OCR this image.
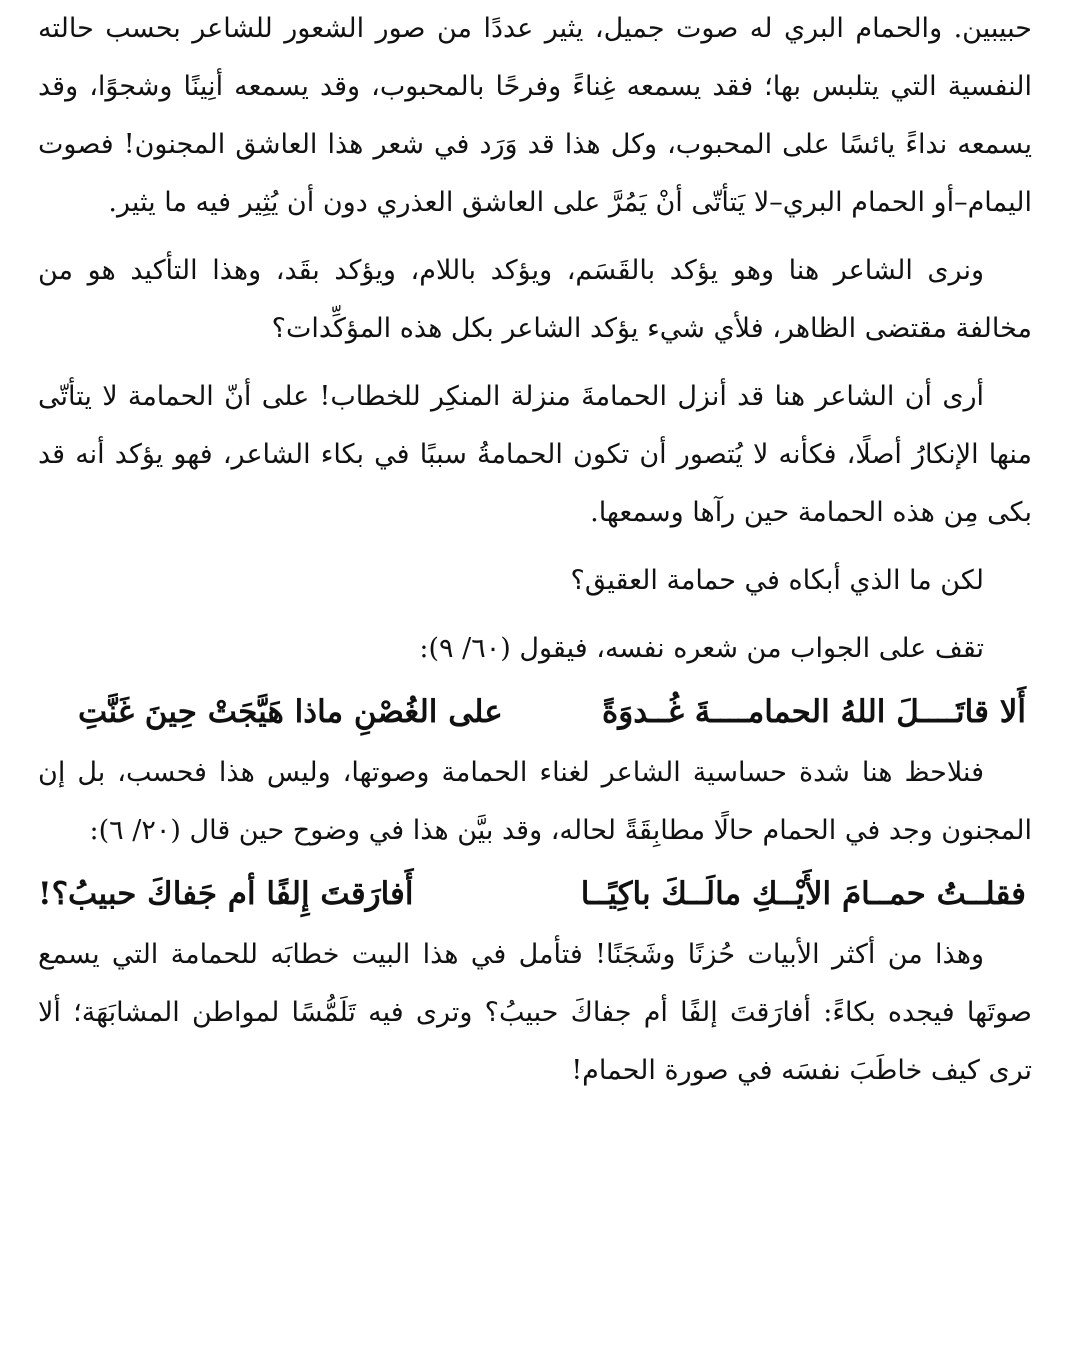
حبيبين. والحمام البري له صوت جميل، يثير عددًا من صور الشعور للشاعر بحسب حالته النفسية التي يتلبس بها؛ فقد يسمعه غِناءً وفرحًا بالمحبوب، وقد يسمعه أنِينًا وشجوًا، وقد يسمعه نداءً يائسًا على المحبوب، وكل هذا قد وَرَد في شعر هذا العاشق المجنون! فصوت اليمام–أو الحمام البري–لا يَتأتّى أنْ يَمُرَّ على العاشق العذري دون أن يُثِير فيه ما يثير.

ونرى الشاعر هنا وهو يؤكد بالقَسَم، ويؤكد باللام، ويؤكد بقَد، وهذا التأكيد هو من مخالفة مقتضى الظاهر، فلأي شيء يؤكد الشاعر بكل هذه المؤكِّدات؟

أرى أن الشاعر هنا قد أنزل الحمامةَ منزلة المنكِر للخطاب! على أنّ الحمامة لا يتأتّى منها الإنكارُ أصلًا، فكأنه لا يُتصور أن تكون الحمامةُ سببًا في بكاء الشاعر، فهو يؤكد أنه قد بكى مِن هذه الحمامة حين رآها وسمعها.

لكن ما الذي أبكاه في حمامة العقيق؟

تقف على الجواب من شعره نفسه، فيقول (٦٠/ ٩):

أَلا قاتَــــلَ اللهُ الحمامــــةَ غُــدوَةً
على الغُصْنِ ماذا هَيَّجَتْ حِينَ غَنَّتِ

فنلاحظ هنا شدة حساسية الشاعر لغناء الحمامة وصوتها، وليس هذا فحسب، بل إن المجنون وجد في الحمام حالًا مطابِقَةً لحاله، وقد بيَّن هذا في وضوح حين قال (٢٠/ ٦):

فقلــتُ حمــامَ الأَيْــكِ مالَــكَ باكِيًــا
أَفارَقتَ إِلفًا أم جَفاكَ حبيبُ؟!

وهذا من أكثر الأبيات حُزنًا وشَجَنًا! فتأمل في هذا البيت خطابَه للحمامة التي يسمع صوتَها فيجده بكاءً: أفارَقتَ إلفًا أم جفاكَ حبيبُ؟ وترى فيه تَلَمُّسًا لمواطن المشابَهَة؛ ألا ترى كيف خاطَبَ نفسَه في صورة الحمام!
